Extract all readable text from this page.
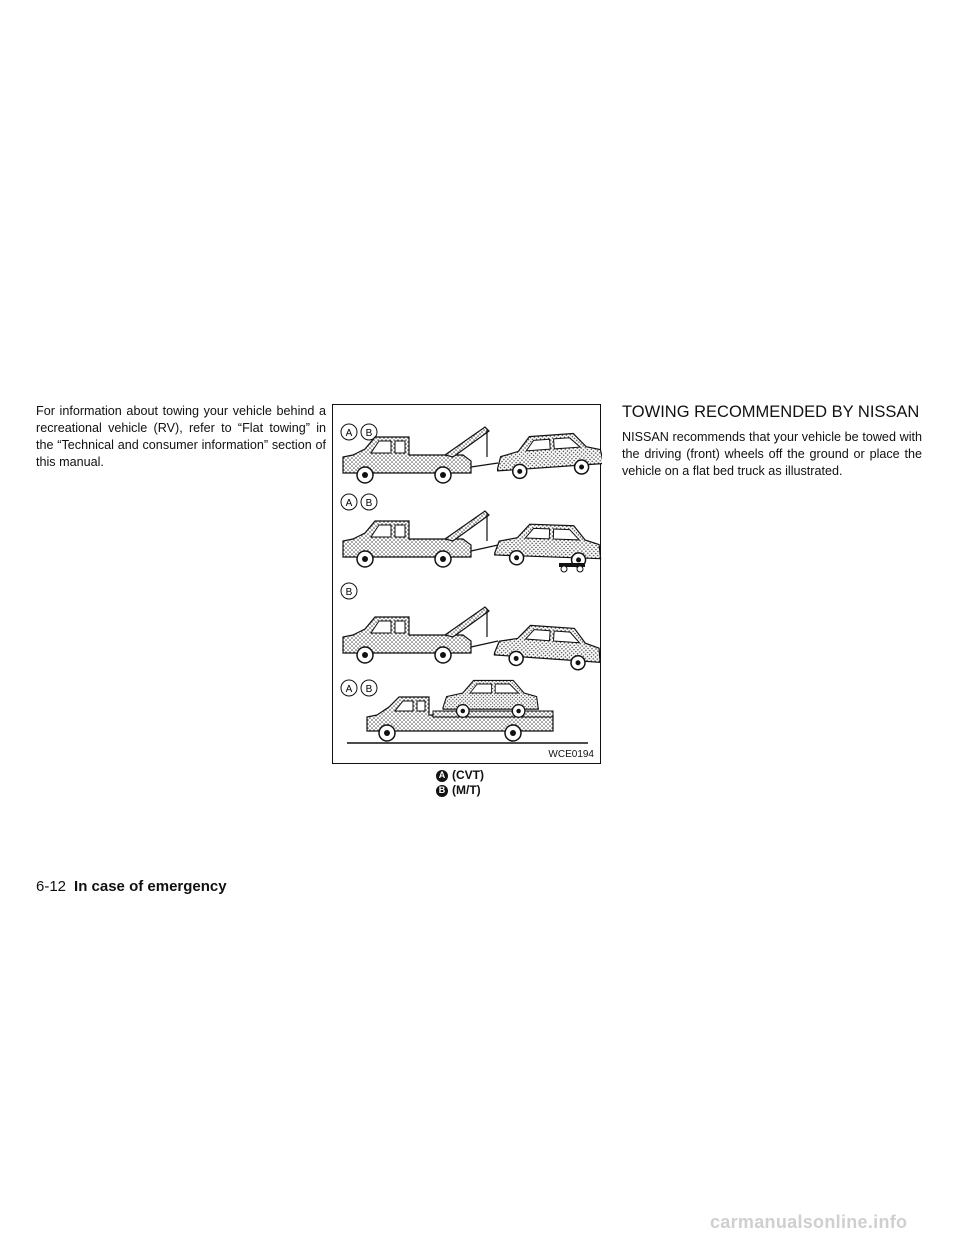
For information about towing your vehicle behind a recreational vehicle (RV), refer to “Flat towing” in the “Technical and consumer information” section of this manual.
A B
A B
B
A B
WCE0194
A (CVT)
B (M/T)
TOWING RECOMMENDED BY NISSAN

NISSAN recommends that your vehicle be towed with the driving (front) wheels off the ground or place the vehicle on a flat bed truck as illustrated.

6-12 In case of emergency
carmanualsonline.info
